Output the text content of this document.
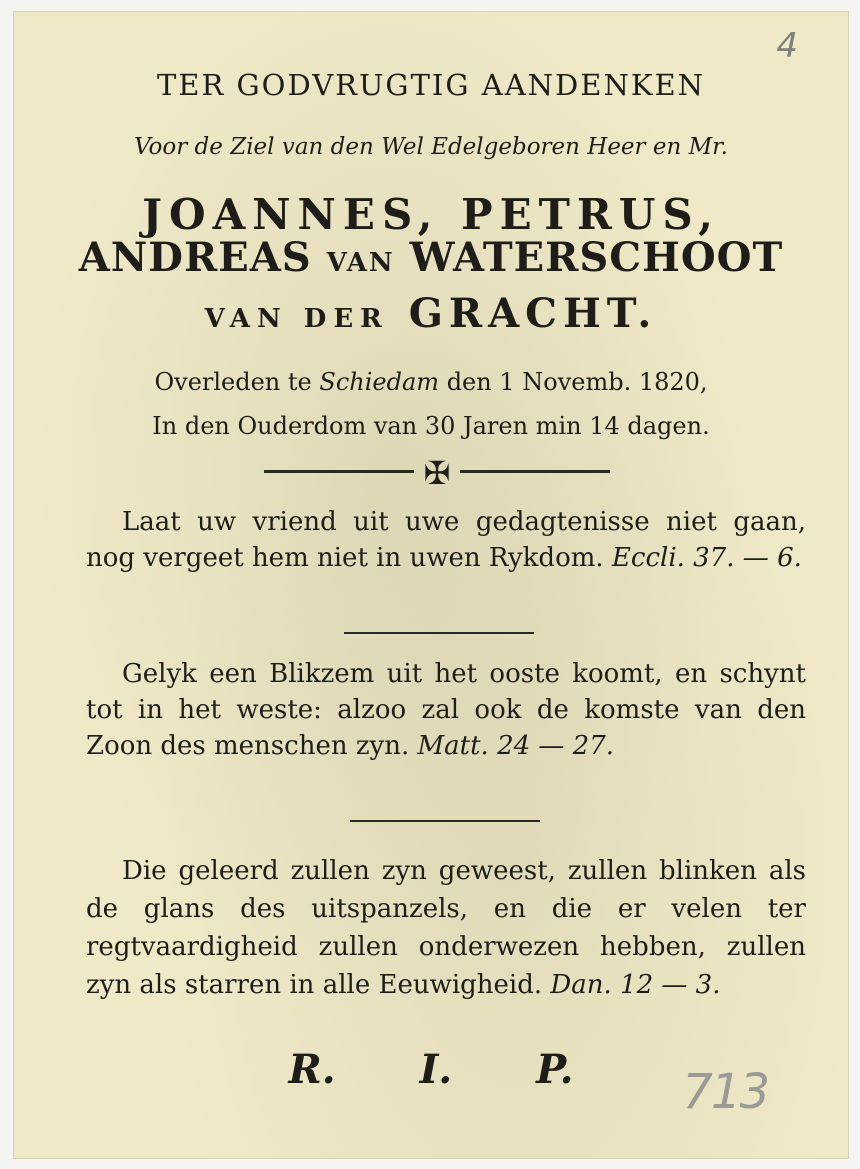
4
TER GODVRUGTIG AANDENKEN
Voor de Ziel van den Wel Edelgeboren Heer en Mr.
JOANNES, PETRUS,
ANDREAS VAN WATERSCHOOT
VAN DER GRACHT.
Overleden te Schiedam den 1 Novemb. 1820,
In den Ouderdom van 30 Jaren min 14 dagen.
✠
Laat uw vriend uit uwe gedagtenisse niet gaan, nog vergeet hem niet in uwen Rykdom. Eccli. 37. — 6.
Gelyk een Blikzem uit het ooste koomt, en schynt tot in het weste: alzoo zal ook de komste van den Zoon des menschen zyn. Matt. 24 — 27.
Die geleerd zullen zyn geweest, zullen blinken als de glans des uitspanzels, en die er velen ter regtvaardigheid zullen onderwezen hebben, zullen zyn als starren in alle Eeuwigheid. Dan. 12 — 3.
R. I. P.	713
